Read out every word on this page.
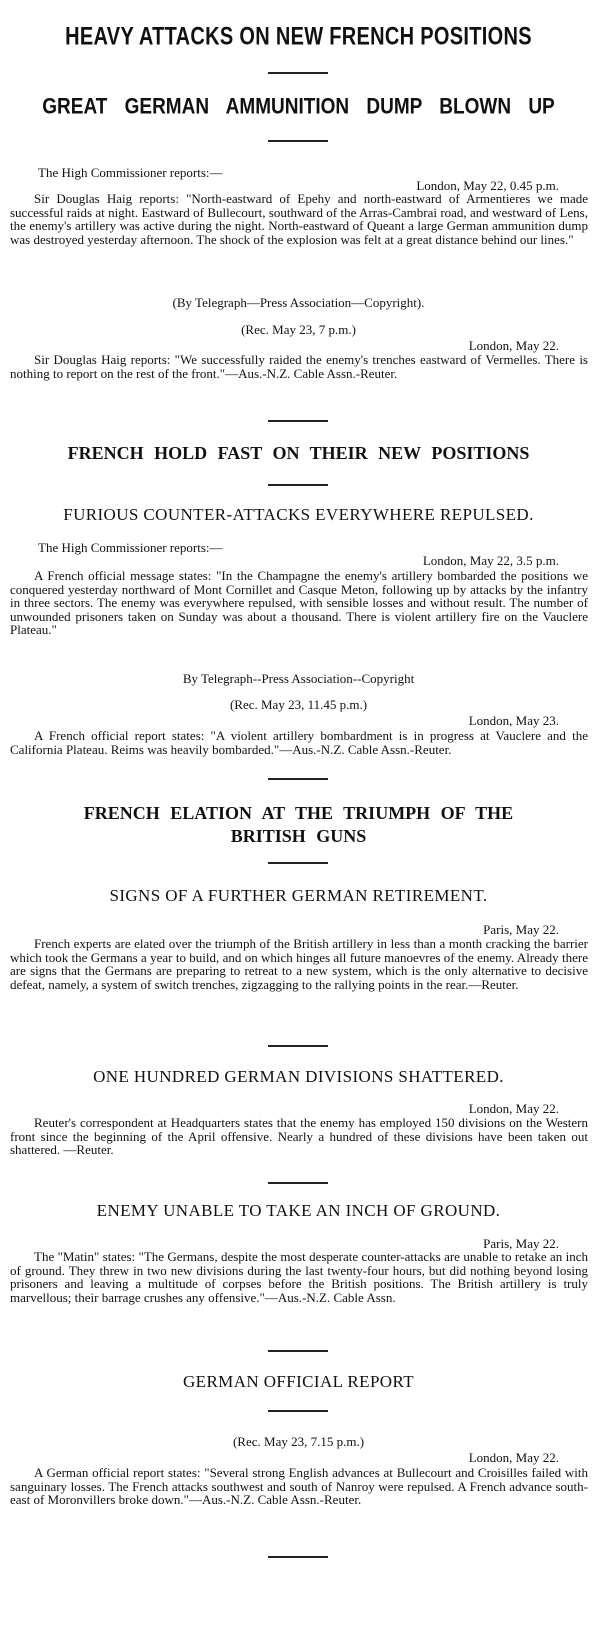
HEAVY ATTACKS ON NEW FRENCH POSITIONS
GREAT GERMAN AMMUNITION DUMP BLOWN UP
The High Commissioner reports:—
London, May 22, 0.45 p.m.
Sir Douglas Haig reports: "North-eastward of Epehy and north-eastward of Armentieres we made successful raids at night. Eastward of Bullecourt, southward of the Arras-Cambrai road, and westward of Lens, the enemy's artillery was active during the night. North-eastward of Queant a large German ammunition dump was destroyed yesterday afternoon. The shock of the explosion was felt at a great distance behind our lines."
(By Telegraph—Press Association—Copyright).
(Rec. May 23, 7 p.m.)
London, May 22.
Sir Douglas Haig reports: "We successfully raided the enemy's trenches eastward of Vermelles. There is nothing to report on the rest of the front."—Aus.-N.Z. Cable Assn.-Reuter.
FRENCH HOLD FAST ON THEIR NEW POSITIONS
FURIOUS COUNTER-ATTACKS EVERYWHERE REPULSED.
The High Commissioner reports:—
London, May 22, 3.5 p.m.
A French official message states: "In the Champagne the enemy's artillery bombarded the positions we conquered yesterday northward of Mont Cornillet and Casque Meton, following up by attacks by the infantry in three sectors. The enemy was everywhere repulsed, with sensible losses and without result. The number of unwounded prisoners taken on Sunday was about a thousand. There is violent artillery fire on the Vauclere Plateau."
By Telegraph--Press Association--Copyright
(Rec. May 23, 11.45 p.m.)
London, May 23.
A French official report states: "A violent artillery bombardment is in progress at Vauclere and the California Plateau. Reims was heavily bombarded."—Aus.-N.Z. Cable Assn.-Reuter.
FRENCH ELATION AT THE TRIUMPH OF THE
BRITISH GUNS
SIGNS OF A FURTHER GERMAN RETIREMENT.
Paris, May 22.
French experts are elated over the triumph of the British artillery in less than a month cracking the barrier which took the Germans a year to build, and on which hinges all future manoevres of the enemy. Already there are signs that the Germans are preparing to retreat to a new system, which is the only alternative to decisive defeat, namely, a system of switch trenches, zigzagging to the rallying points in the rear.—Reuter.
ONE HUNDRED GERMAN DIVISIONS SHATTERED.
London, May 22.
Reuter's correspondent at Headquarters states that the enemy has employed 150 divisions on the Western front since the beginning of the April offensive. Nearly a hundred of these divisions have been taken out shattered. —Reuter.
ENEMY UNABLE TO TAKE AN INCH OF GROUND.
Paris, May 22.
The "Matin" states: "The Germans, despite the most desperate counter-attacks are unable to retake an inch of ground. They threw in two new divisions during the last twenty-four hours, but did nothing beyond losing prisoners and leaving a multitude of corpses before the British positions. The British artillery is truly marvellous; their barrage crushes any offensive."—Aus.-N.Z. Cable Assn.
GERMAN OFFICIAL REPORT
(Rec. May 23, 7.15 p.m.)
London, May 22.
A German official report states: "Several strong English advances at Bullecourt and Croisilles failed with sanguinary losses. The French attacks southwest and south of Nanroy were repulsed. A French advance south-east of Moronvillers broke down."—Aus.-N.Z. Cable Assn.-Reuter.
